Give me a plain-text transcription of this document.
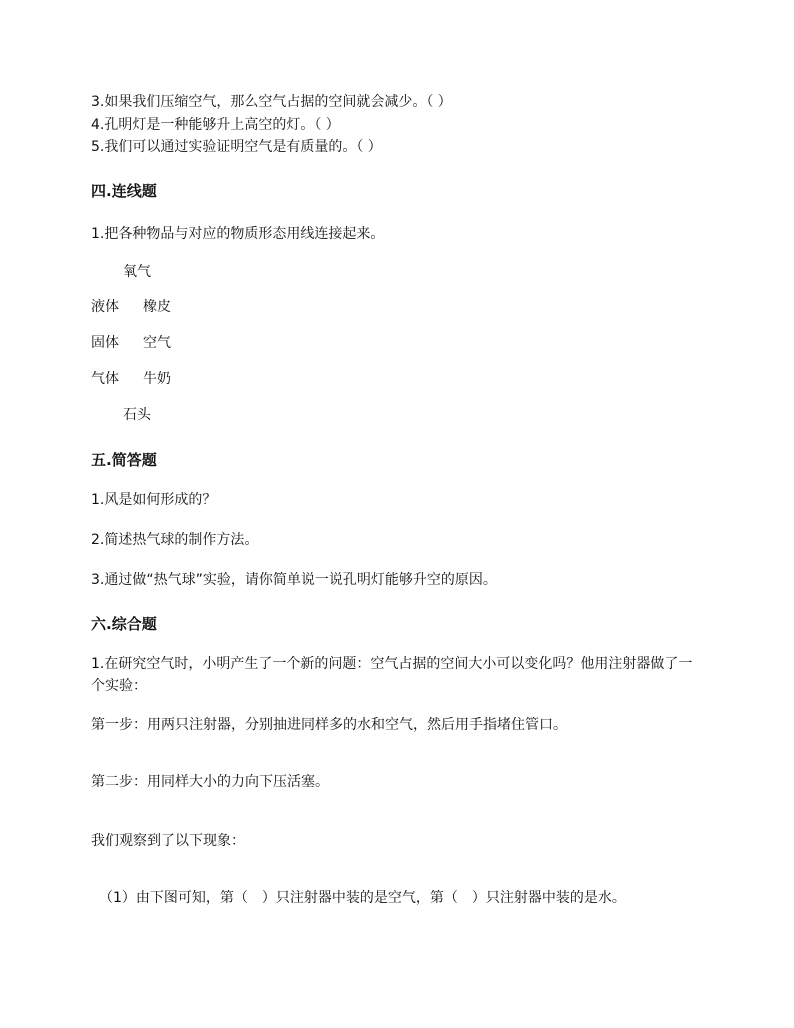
3.如果我们压缩空气，那么空气占据的空间就会减少。（ ）
4.孔明灯是一种能够升上高空的灯。（ ）
5.我们可以通过实验证明空气是有质量的。（ ）
四.连线题
1.把各种物品与对应的物质形态用线连接起来。
氧气
液体 橡皮
固体 空气
气体 牛奶
石头
五.简答题
1.风是如何形成的？
2.简述热气球的制作方法。
3.通过做“热气球”实验，请你简单说一说孔明灯能够升空的原因。
六.综合题
1.在研究空气时，小明产生了一个新的问题：空气占据的空间大小可以变化吗？他用注射器做了一个实验：
第一步：用两只注射器，分别抽进同样多的水和空气，然后用手指堵住管口。
第二步：用同样大小的力向下压活塞。
我们观察到了以下现象：
（1）由下图可知，第（　）只注射器中装的是空气，第（　）只注射器中装的是水。
